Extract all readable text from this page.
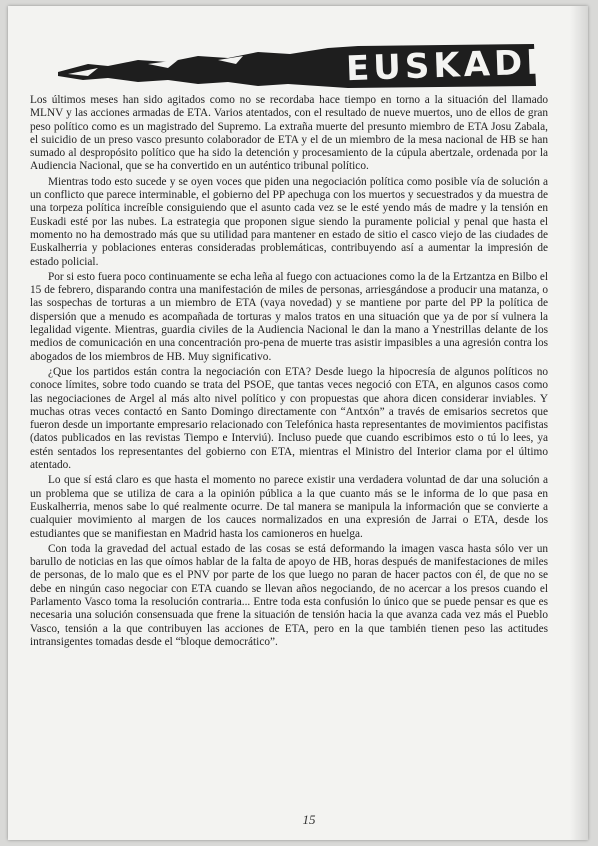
EUSKADI

Los últimos meses han sido agitados como no se recordaba hace tiempo en torno a la situación del llamado MLNV y las acciones armadas de ETA. Varios atentados, con el resultado de nueve muertos, uno de ellos de gran peso político como es un magistrado del Supremo. La extraña muerte del presunto miembro de ETA Josu Zabala, el suicidio de un preso vasco presunto colaborador de ETA y el de un miembro de la mesa nacional de HB se han sumado al despropósito político que ha sido la detención y procesamiento de la cúpula abertzale, ordenada por la Audiencia Nacional, que se ha convertido en un auténtico tribunal político.

Mientras todo esto sucede y se oyen voces que piden una negociación política como posible vía de solución a un conflicto que parece interminable, el gobierno del PP apechuga con los muertos y secuestrados y da muestra de una torpeza política increíble consiguiendo que el asunto cada vez se le esté yendo más de madre y la tensión en Euskadi esté por las nubes. La estrategia que proponen sigue siendo la puramente policial y penal que hasta el momento no ha demostrado más que su utilidad para mantener en estado de sitio el casco viejo de las ciudades de Euskalherria y poblaciones enteras consideradas problemáticas, contribuyendo así a aumentar la impresión de estado policial.

Por si esto fuera poco continuamente se echa leña al fuego con actuaciones como la de la Ertzantza en Bilbo el 15 de febrero, disparando contra una manifestación de miles de personas, arriesgándose a producir una matanza, o las sospechas de torturas a un miembro de ETA (vaya novedad) y se mantiene por parte del PP la política de dispersión que a menudo es acompañada de torturas y malos tratos en una situación que ya de por sí vulnera la legalidad vigente. Mientras, guardia civiles de la Audiencia Nacional le dan la mano a Ynestrillas delante de los medios de comunicación en una concentración pro-pena de muerte tras asistir impasibles a una agresión contra los abogados de los miembros de HB. Muy significativo.

¿Que los partidos están contra la negociación con ETA? Desde luego la hipocresía de algunos políticos no conoce límites, sobre todo cuando se trata del PSOE, que tantas veces negoció con ETA, en algunos casos como las negociaciones de Argel al más alto nivel político y con propuestas que ahora dicen considerar inviables. Y muchas otras veces contactó en Santo Domingo directamente con “Antxón” a través de emisarios secretos que fueron desde un importante empresario relacionado con Telefónica hasta representantes de movimientos pacifistas (datos publicados en las revistas Tiempo e Interviú). Incluso puede que cuando escribimos esto o tú lo lees, ya estén sentados los representantes del gobierno con ETA, mientras el Ministro del Interior clama por el último atentado.

Lo que sí está claro es que hasta el momento no parece existir una verdadera voluntad de dar una solución a un problema que se utiliza de cara a la opinión pública a la que cuanto más se le informa de lo que pasa en Euskalherria, menos sabe lo qué realmente ocurre. De tal manera se manipula la información que se convierte a cualquier movimiento al margen de los cauces normalizados en una expresión de Jarrai o ETA, desde los estudiantes que se manifiestan en Madrid hasta los camioneros en huelga.

Con toda la gravedad del actual estado de las cosas se está deformando la imagen vasca hasta sólo ver un barullo de noticias en las que oímos hablar de la falta de apoyo de HB, horas después de manifestaciones de miles de personas, de lo malo que es el PNV por parte de los que luego no paran de hacer pactos con él, de que no se debe en ningún caso negociar con ETA cuando se llevan años negociando, de no acercar a los presos cuando el Parlamento Vasco toma la resolución contraria... Entre toda esta confusión lo único que se puede pensar es que es necesaria una solución consensuada que frene la situación de tensión hacia la que avanza cada vez más el Pueblo Vasco, tensión a la que contribuyen las acciones de ETA, pero en la que también tienen peso las actitudes intransigentes tomadas desde el “bloque democrático”.

15
